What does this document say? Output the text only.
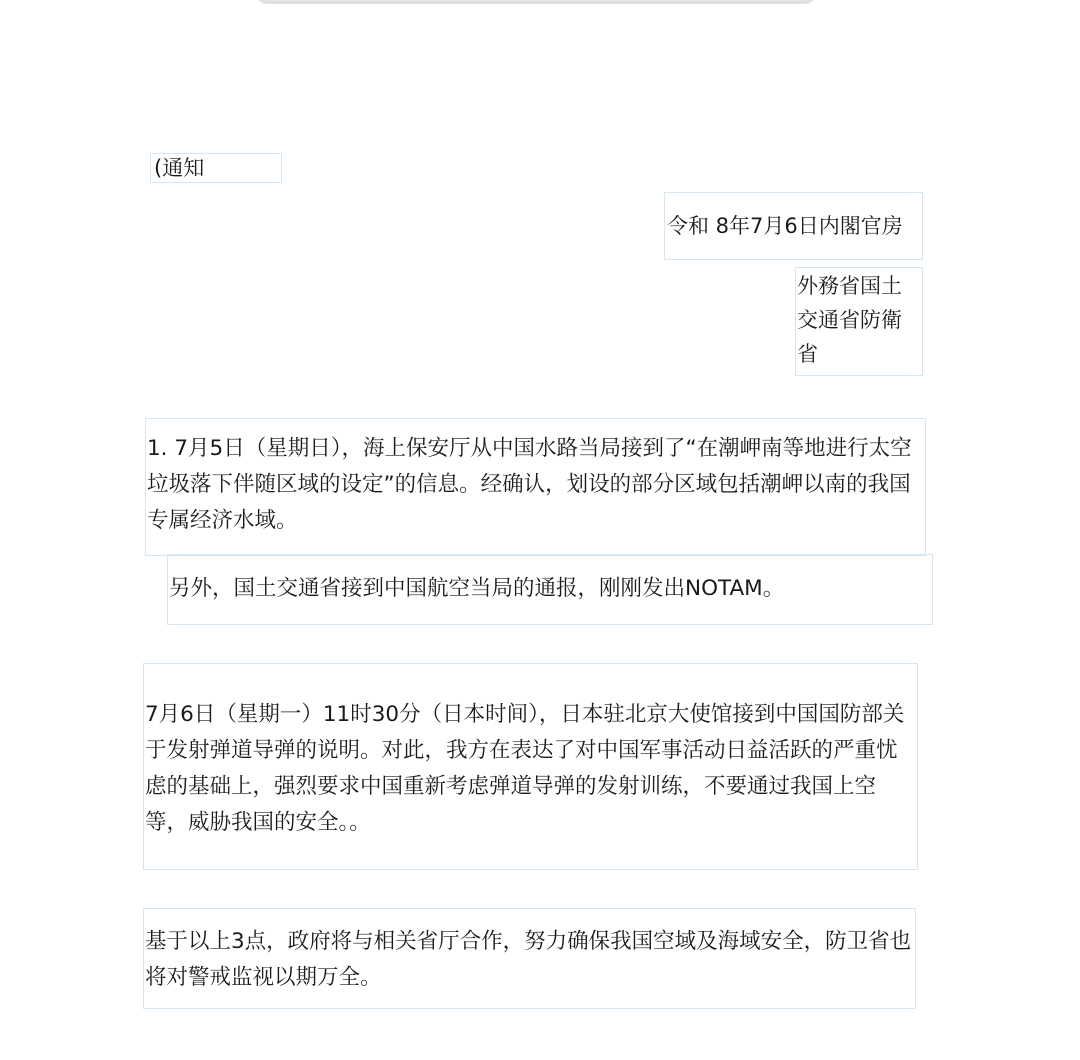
(通知
令和 8年7月6日内閣官房
外務省国土交通省防衛省
1. 7月5日（星期日），海上保安厅从中国水路当局接到了“在潮岬南等地进行太空垃圾落下伴随区域的设定”的信息。经确认，划设的部分区域包括潮岬以南的我国专属经济水域。
另外，国土交通省接到中国航空当局的通报，刚刚发出NOTAM。
7月6日（星期一）11时30分（日本时间），日本驻北京大使馆接到中国国防部关于发射弹道导弹的说明。对此，我方在表达了对中国军事活动日益活跃的严重忧虑的基础上，强烈要求中国重新考虑弹道导弹的发射训练，不要通过我国上空等，威胁我国的安全。。
基于以上3点，政府将与相关省厅合作，努力确保我国空域及海域安全，防卫省也将对警戒监视以期万全。
